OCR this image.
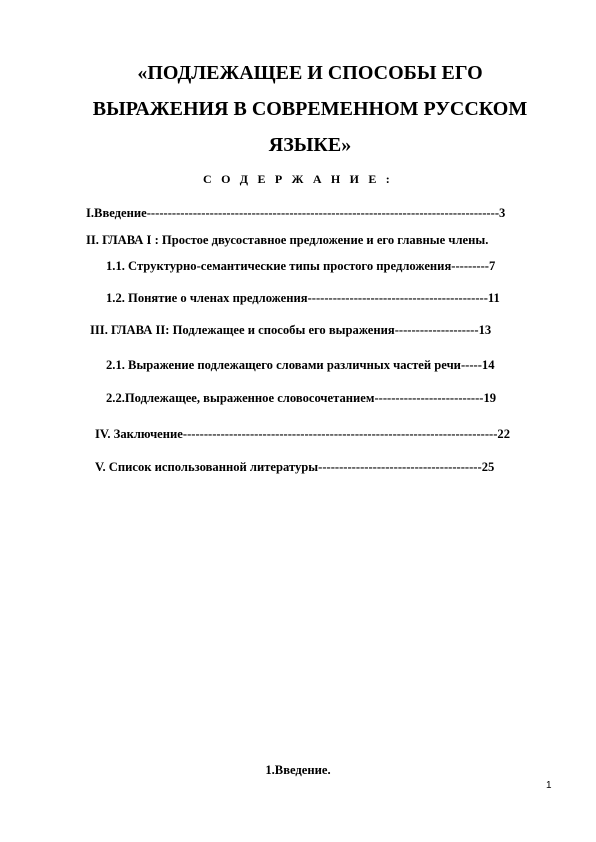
«ПОДЛЕЖАЩЕЕ И СПОСОБЫ ЕГО
ВЫРАЖЕНИЯ В СОВРЕМЕННОМ РУССКОМ
ЯЗЫКЕ»

С О Д Е Р Ж А Н И Е :

I.Введение------------------------------------------------------------------------------------3
II. ГЛАВА I : Простое двусоставное предложение и его главные члены.
1.1. Структурно-семантические типы простого предложения---------7
1.2. Понятие о членах предложения-------------------------------------------11
III. ГЛАВА II: Подлежащее и способы его выражения--------------------13
2.1. Выражение подлежащего словами различных частей речи-----14
2.2.Подлежащее, выраженное словосочетанием--------------------------19
IV. Заключение---------------------------------------------------------------------------22
V. Список использованной литературы---------------------------------------25
1.Введение.
1
